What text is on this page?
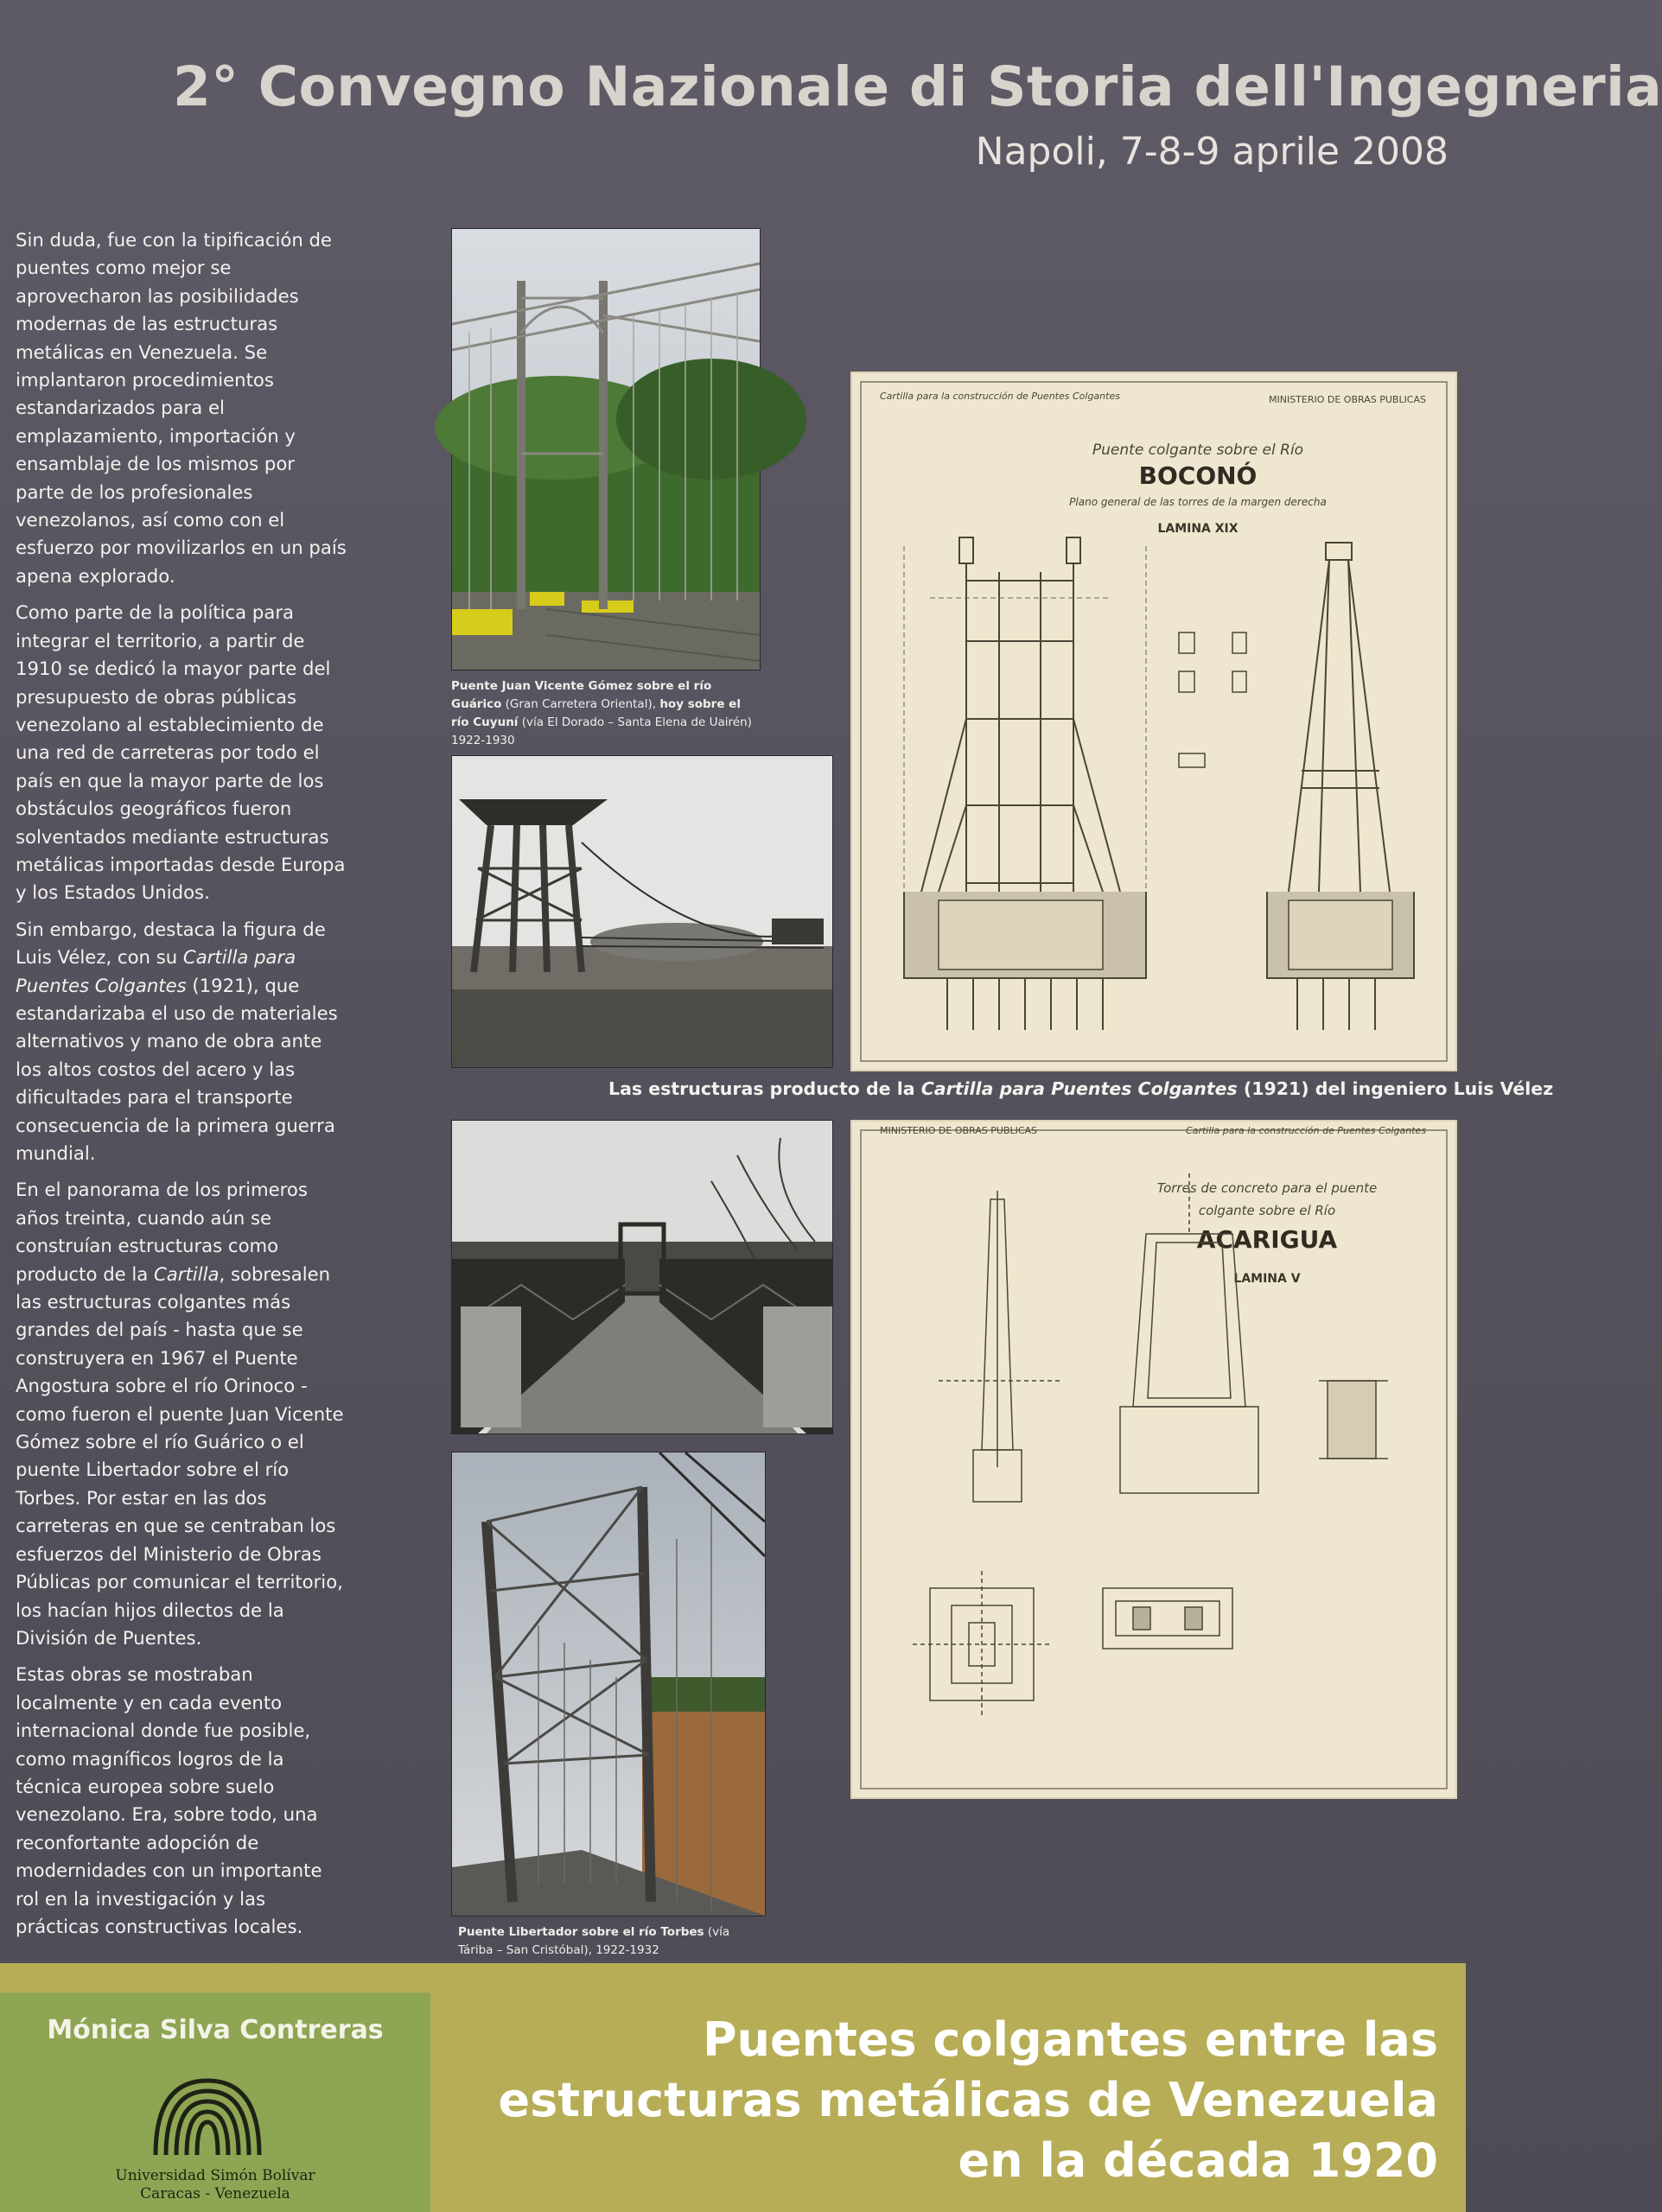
2° Convegno Nazionale di Storia dell'Ingegneria
Napoli, 7-8-9 aprile 2008

Sin duda, fue con la tipificación de puentes como mejor se aprovecharon las posibilidades modernas de las estructuras metálicas en Venezuela. Se implantaron procedimientos estandarizados para el emplazamiento, importación y ensamblaje de los mismos por parte de los profesionales venezolanos, así como con el esfuerzo por movilizarlos en un país apena explorado.

Como parte de la política para integrar el territorio, a partir de 1910 se dedicó la mayor parte del presupuesto de obras públicas venezolano al establecimiento de una red de carreteras por todo el país en que la mayor parte de los obstáculos geográficos fueron solventados mediante estructuras metálicas importadas desde Europa y los Estados Unidos.

Sin embargo, destaca la figura de Luis Vélez, con su Cartilla para Puentes Colgantes (1921), que estandarizaba el uso de materiales alternativos y mano de obra ante los altos costos del acero y las dificultades para el transporte consecuencia de la primera guerra mundial.

En el panorama de los primeros años treinta, cuando aún se construían estructuras como producto de la Cartilla, sobresalen las estructuras colgantes más grandes del país - hasta que se construyera en 1967 el Puente Angostura sobre el río Orinoco - como fueron el puente Juan Vicente Gómez sobre el río Guárico o el puente Libertador sobre el río Torbes. Por estar en las dos carreteras en que se centraban los esfuerzos del Ministerio de Obras Públicas por comunicar el territorio, los hacían hijos dilectos de la División de Puentes.

Estas obras se mostraban localmente y en cada evento internacional donde fue posible, como magníficos logros de la técnica europea sobre suelo venezolano. Era, sobre todo, una reconfortante adopción de modernidades con un importante rol en la investigación y las prácticas constructivas locales.

Puente Juan Vicente Gómez sobre el río Guárico (Gran Carretera Oriental), hoy sobre el río Cuyuní (vía El Dorado – Santa Elena de Uairén) 1922-1930
Cartilla para la construcción de Puentes Colgantes	MINISTERIO DE OBRAS PUBLICAS
Puente colgante sobre el Río
BOCONÓ
Plano general de las torres de la margen derecha
LAMINA XIX
Las estructuras producto de la Cartilla para Puentes Colgantes (1921) del ingeniero Luis Vélez
Puente Libertador sobre el río Torbes (vía Táriba – San Cristóbal), 1922-1932
MINISTERIO DE OBRAS PUBLICAS	Cartilla para la construcción de Puentes Colgantes
Torres de concreto para el puente
colgante sobre el Río
ACARIGUA
LAMINA V
Mónica Silva Contreras
Universidad Simón Bolívar
Caracas - Venezuela
Puentes colgantes entre las
estructuras metálicas de Venezuela
en la década 1920
